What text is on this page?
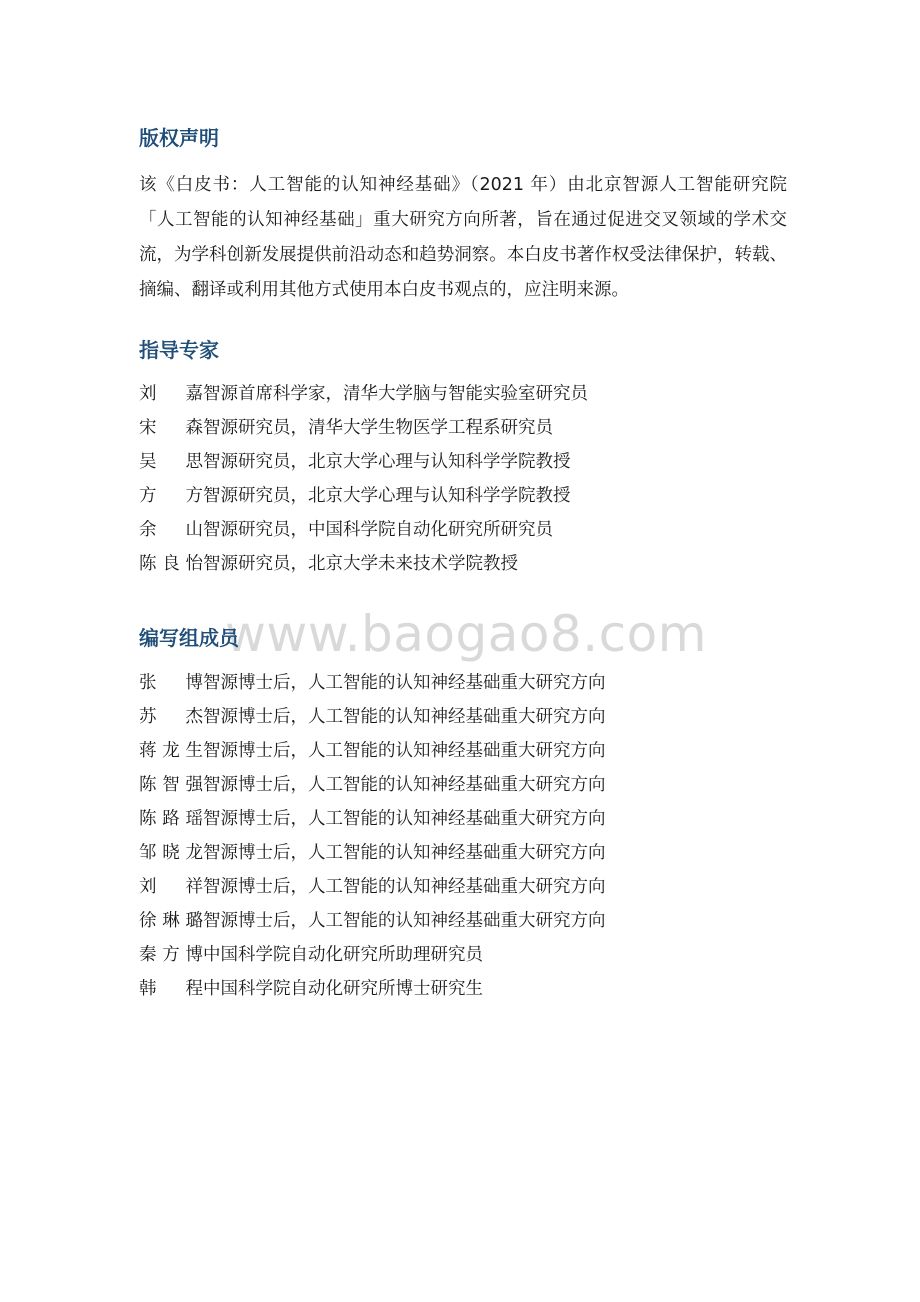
www.baogao8.com
版权声明

该《白皮书：人工智能的认知神经基础》（2021 年）由北京智源人工智能研究院「人工智能的认知神经基础」重大研究方向所著，旨在通过促进交叉领域的学术交流，为学科创新发展提供前沿动态和趋势洞察。本白皮书著作权受法律保护，转载、摘编、翻译或利用其他方式使用本白皮书观点的，应注明来源。

指导专家
刘嘉智源首席科学家，清华大学脑与智能实验室研究员
宋森智源研究员，清华大学生物医学工程系研究员
吴思智源研究员，北京大学心理与认知科学学院教授
方方智源研究员，北京大学心理与认知科学学院教授
余山智源研究员，中国科学院自动化研究所研究员
陈良怡智源研究员，北京大学未来技术学院教授
编写组成员
张博智源博士后，人工智能的认知神经基础重大研究方向
苏杰智源博士后，人工智能的认知神经基础重大研究方向
蒋龙生智源博士后，人工智能的认知神经基础重大研究方向
陈智强智源博士后，人工智能的认知神经基础重大研究方向
陈路瑶智源博士后，人工智能的认知神经基础重大研究方向
邹晓龙智源博士后，人工智能的认知神经基础重大研究方向
刘祥智源博士后，人工智能的认知神经基础重大研究方向
徐琳璐智源博士后，人工智能的认知神经基础重大研究方向
秦方博中国科学院自动化研究所助理研究员
韩程中国科学院自动化研究所博士研究生
